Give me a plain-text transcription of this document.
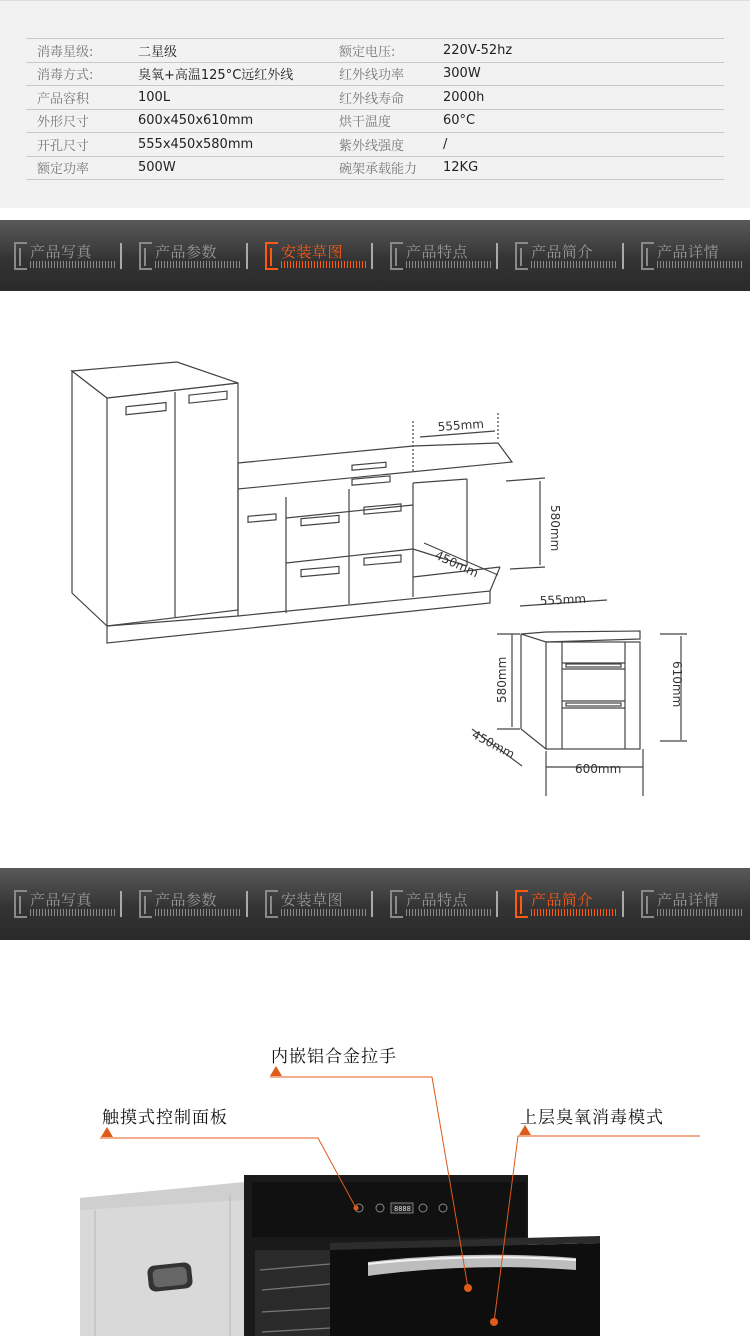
消毒星级:	二星级	额定电压:	220V-52hz
消毒方式:	臭氧+高温125°C远红外线	红外线功率	300W
产品容积	100L	红外线寿命	2000h
外形尺寸	600x450x610mm	烘干温度	60°C
开孔尺寸	555x450x580mm	紫外线强度	/
额定功率	500W	碗架承载能力	12KG
产品写真	产品参数	安装草图	产品特点	产品简介	产品详情
555mm
580mm
450mm
555mm
580mm	610mm
450mm
600mm
产品写真	产品参数	安装草图	产品特点	产品简介	产品详情
8888
内嵌铝合金拉手
触摸式控制面板	上层臭氧消毒模式
